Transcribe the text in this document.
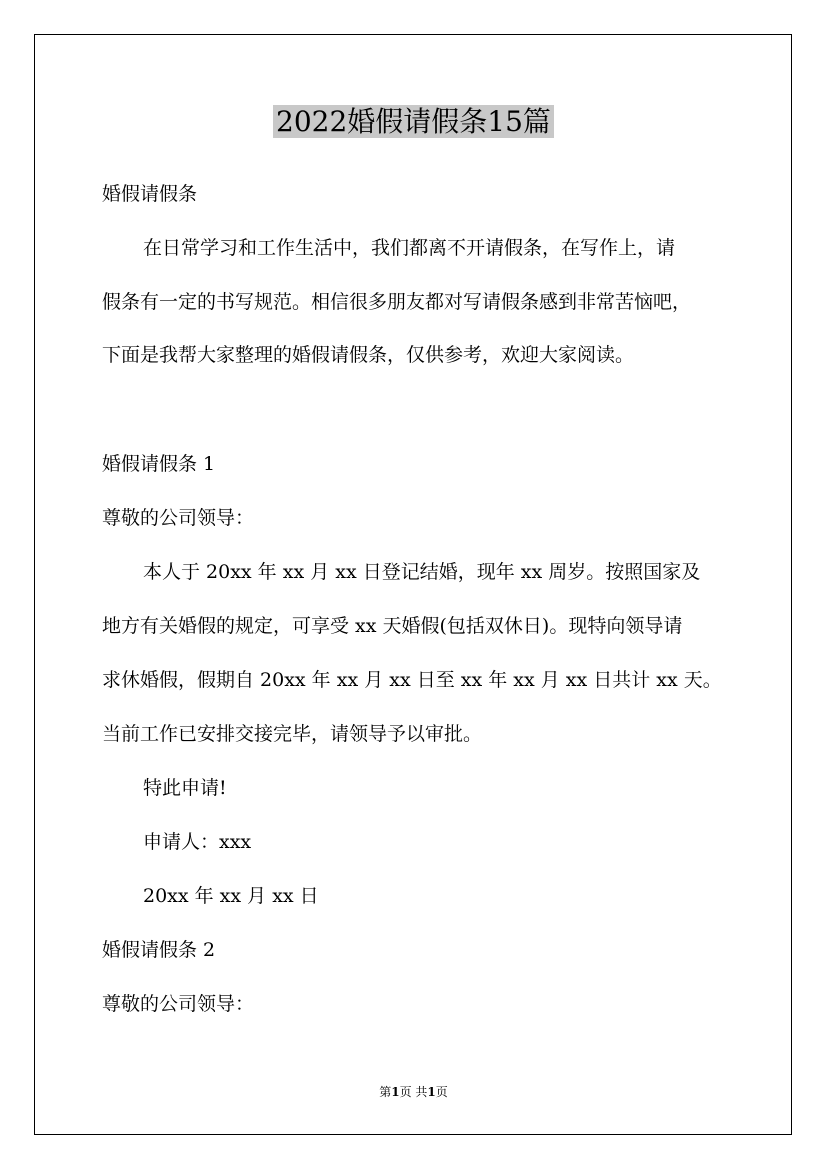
2022婚假请假条15篇
婚假请假条
在日常学习和工作生活中，我们都离不开请假条，在写作上，请
假条有一定的书写规范。相信很多朋友都对写请假条感到非常苦恼吧，
下面是我帮大家整理的婚假请假条，仅供参考，欢迎大家阅读。
婚假请假条 1
尊敬的公司领导：
本人于 20xx 年 xx 月 xx 日登记结婚，现年 xx 周岁。按照国家及
地方有关婚假的规定，可享受 xx 天婚假(包括双休日)。现特向领导请
求休婚假，假期自 20xx 年 xx 月 xx 日至 xx 年 xx 月 xx 日共计 xx 天。
当前工作已安排交接完毕，请领导予以审批。
特此申请!
申请人：xxx
20xx 年 xx 月 xx 日
婚假请假条 2
尊敬的公司领导：
第1页 共1页
